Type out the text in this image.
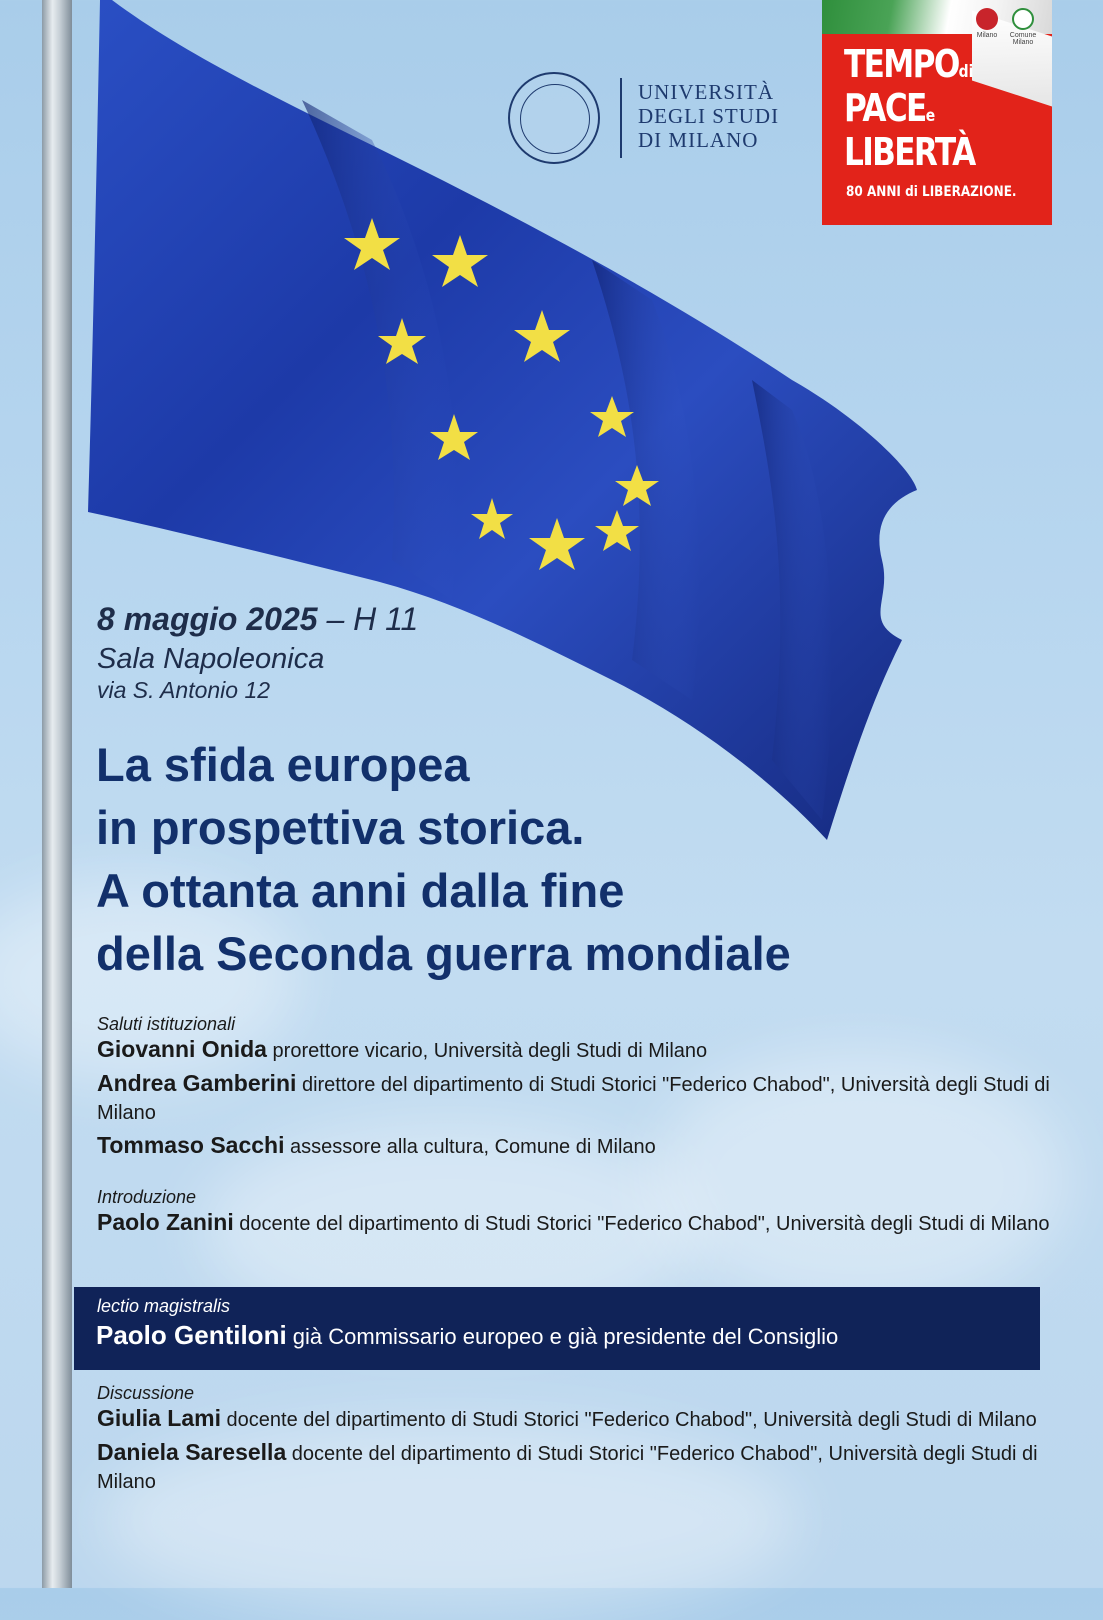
UNIVERSITÀ
DEGLI STUDI
DI MILANO
Milano	Comune Milano
TEMPOdi
PACEe
LIBERTÀ
80 ANNI di LIBERAZIONE.
8 maggio 2025 – H 11
Sala Napoleonica
via S. Antonio 12
La sfida europea
in prospettiva storica.
A ottanta anni dalla fine
della Seconda guerra mondiale
Saluti istituzionali
Giovanni Onida prorettore vicario, Università degli Studi di Milano
Andrea Gamberini direttore del dipartimento di Studi Storici "Federico Chabod", Università degli Studi di Milano
Tommaso Sacchi assessore alla cultura, Comune di Milano
Introduzione
Paolo Zanini docente del dipartimento di Studi Storici "Federico Chabod", Università degli Studi di Milano
lectio magistralis
Paolo Gentiloni già Commissario europeo e già presidente del Consiglio
Discussione
Giulia Lami docente del dipartimento di Studi Storici "Federico Chabod", Università degli Studi di Milano
Daniela Saresella docente del dipartimento di Studi Storici "Federico Chabod", Università degli Studi di Milano
